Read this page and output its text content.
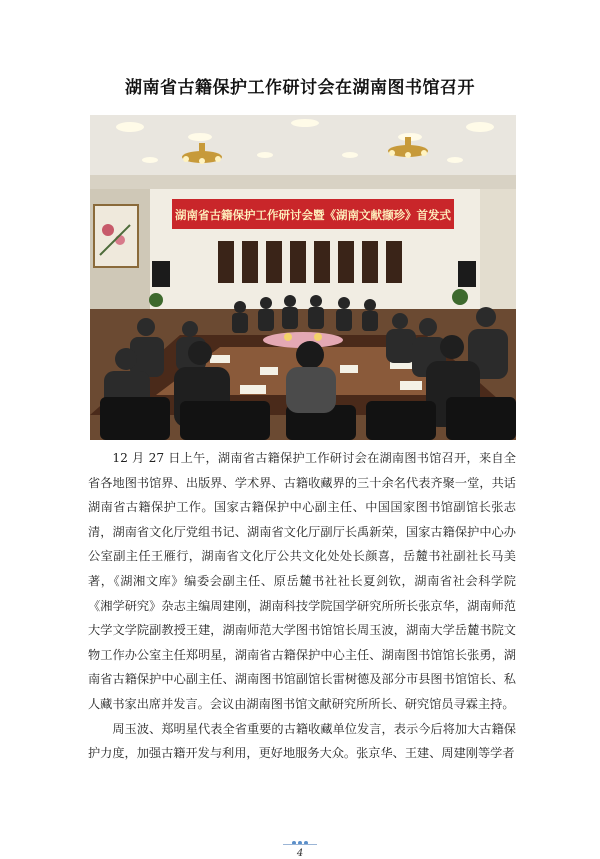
湖南省古籍保护工作研讨会在湖南图书馆召开
湖南省古籍保护工作研讨会暨《湖南文献撷珍》首发式

12 月 27 日上午，湖南省古籍保护工作研讨会在湖南图书馆召开，来自全省各地图书馆界、出版界、学术界、古籍收藏界的三十余名代表齐聚一堂，共话湖南省古籍保护工作。国家古籍保护中心副主任、中国国家图书馆副馆长张志清，湖南省文化厅党组书记、湖南省文化厅副厅长禹新荣，国家古籍保护中心办公室副主任王雁行，湖南省文化厅公共文化处处长颜喜，岳麓书社副社长马美著，《湖湘文库》编委会副主任、原岳麓书社社长夏剑钦，湖南省社会科学院《湘学研究》杂志主编周建刚，湖南科技学院国学研究所所长张京华，湖南师范大学文学院副教授王建，湖南师范大学图书馆馆长周玉波，湖南大学岳麓书院文物工作办公室主任郑明星，湖南省古籍保护中心主任、湖南图书馆馆长张勇，湖南省古籍保护中心副主任、湖南图书馆副馆长雷树德及部分市县图书馆馆长、私人藏书家出席并发言。会议由湖南图书馆文献研究所所长、研究馆员寻霖主持。

周玉波、郑明星代表全省重要的古籍收藏单位发言，表示今后将加大古籍保护力度，加强古籍开发与利用，更好地服务大众。张京华、王建、周建刚等学者

4
